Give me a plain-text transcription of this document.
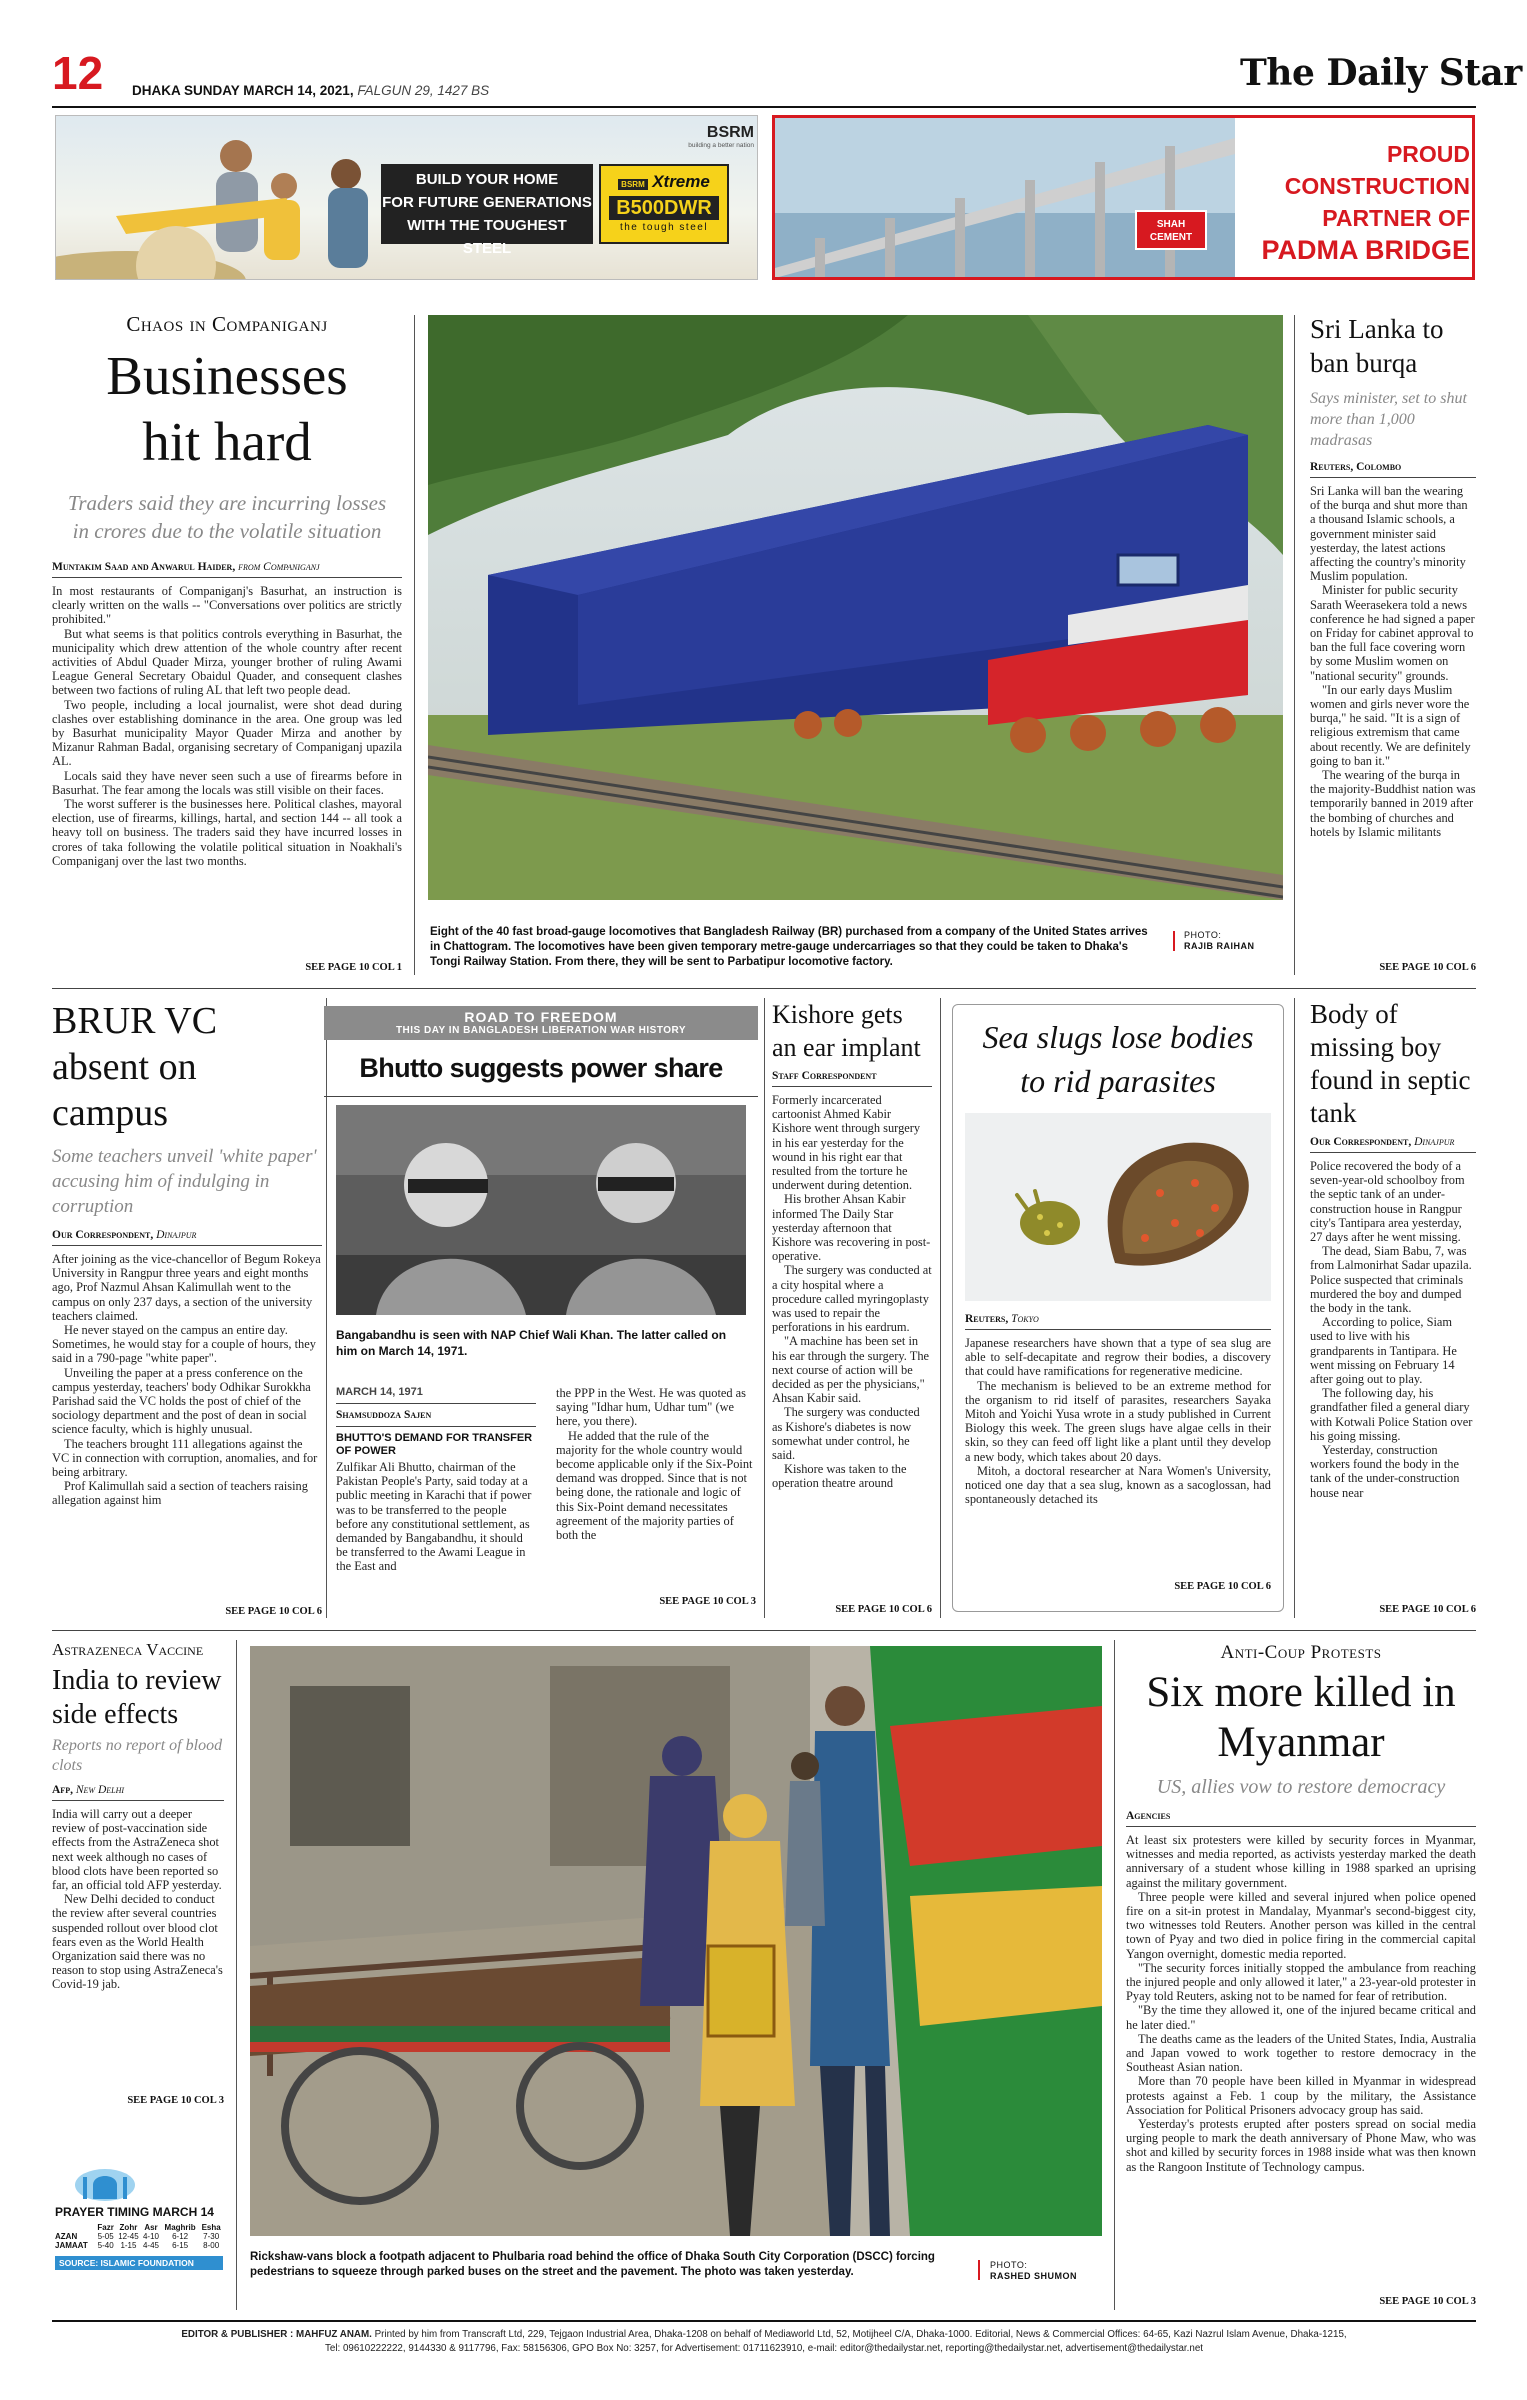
12 DHAKA SUNDAY MARCH 14, 2021, FALGUN 29, 1427 BS	The Daily Star
BSRM
building a better nation
BUILD YOUR HOME
FOR FUTURE GENERATIONS
WITH THE TOUGHEST STEEL
BSRM Xtreme
B500DWR
the tough steel	SHAH CEMENT
PROUD
CONSTRUCTION
PARTNER OF
PADMA BRIDGE
Chaos in Companiganj
Businesses hit hard
Traders said they are incurring losses in crores due to the volatile situation
Muntakim Saad and Anwarul Haider, from Companiganj

In most restaurants of Companiganj's Basurhat, an instruction is clearly written on the walls -- "Conversations over politics are strictly prohibited."

But what seems is that politics controls everything in Basurhat, the municipality which drew attention of the whole country after recent activities of Abdul Quader Mirza, younger brother of ruling Awami League General Secretary Obaidul Quader, and consequent clashes between two factions of ruling AL that left two people dead.

Two people, including a local journalist, were shot dead during clashes over establishing dominance in the area. One group was led by Basurhat municipality Mayor Quader Mirza and another by Mizanur Rahman Badal, organising secretary of Companiganj upazila AL.

Locals said they have never seen such a use of firearms before in Basurhat. The fear among the locals was still visible on their faces.

The worst sufferer is the businesses here. Political clashes, mayoral election, use of firearms, killings, hartal, and section 144 -- all took a heavy toll on business. The traders said they have incurred losses in crores of taka following the volatile political situation in Noakhali's Companiganj over the last two months.

SEE PAGE 10 COL 1
Eight of the 40 fast broad-gauge locomotives that Bangladesh Railway (BR) purchased from a company of the United States arrives in Chattogram. The locomotives have been given temporary metre-gauge undercarriages so that they could be taken to Dhaka's Tongi Railway Station. From there, they will be sent to Parbatipur locomotive factory.
PHOTO:
RAJIB RAIHAN
Sri Lanka to ban burqa
Says minister, set to shut more than 1,000 madrasas
Reuters, Colombo

Sri Lanka will ban the wearing of the burqa and shut more than a thousand Islamic schools, a government minister said yesterday, the latest actions affecting the country's minority Muslim population.

Minister for public security Sarath Weerasekera told a news conference he had signed a paper on Friday for cabinet approval to ban the full face covering worn by some Muslim women on "national security" grounds.

"In our early days Muslim women and girls never wore the burqa," he said. "It is a sign of religious extremism that came about recently. We are definitely going to ban it."

The wearing of the burqa in the majority-Buddhist nation was temporarily banned in 2019 after the bombing of churches and hotels by Islamic militants

SEE PAGE 10 COL 6
BRUR VC absent on campus
Some teachers unveil 'white paper' accusing him of indulging in corruption
Our Correspondent, Dinajpur

After joining as the vice-chancellor of Begum Rokeya University in Rangpur three years and eight months ago, Prof Nazmul Ahsan Kalimullah went to the campus on only 237 days, a section of the university teachers claimed.

He never stayed on the campus an entire day. Sometimes, he would stay for a couple of hours, they said in a 790-page "white paper".

Unveiling the paper at a press conference on the campus yesterday, teachers' body Odhikar Surokkha Parishad said the VC holds the post of chief of the sociology department and the post of dean in social science faculty, which is highly unusual.

The teachers brought 111 allegations against the VC in connection with corruption, anomalies, and for being arbitrary.

Prof Kalimullah said a section of teachers raising allegation against him

SEE PAGE 10 COL 6
ROAD TO FREEDOM
THIS DAY IN BANGLADESH LIBERATION WAR HISTORY
Bhutto suggests power share
Bangabandhu is seen with NAP Chief Wali Khan. The latter called on him on March 14, 1971.
MARCH 14, 1971
Shamsuddoza Sajen
BHUTTO'S DEMAND FOR TRANSFER OF POWER
Zulfikar Ali Bhutto, chairman of the Pakistan People's Party, said today at a public meeting in Karachi that if power was to be transferred to the people before any constitutional settlement, as demanded by Bangabandhu, it should be transferred to the Awami League in the East and

the PPP in the West. He was quoted as saying "Idhar hum, Udhar tum" (we here, you there).

He added that the rule of the majority for the whole country would become applicable only if the Six-Point demand was dropped. Since that is not being done, the rationale and logic of this Six-Point demand necessitates agreement of the majority parties of both the

SEE PAGE 10 COL 3
Kishore gets an ear implant
Staff Correspondent

Formerly incarcerated cartoonist Ahmed Kabir Kishore went through surgery in his ear yesterday for the wound in his right ear that resulted from the torture he underwent during detention.

His brother Ahsan Kabir informed The Daily Star yesterday afternoon that Kishore was recovering in post-operative.

The surgery was conducted at a city hospital where a procedure called myringoplasty was used to repair the perforations in his eardrum.

"A machine has been set in his ear through the surgery. The next course of action will be decided as per the physicians," Ahsan Kabir said.

The surgery was conducted as Kishore's diabetes is now somewhat under control, he said.

Kishore was taken to the operation theatre around

SEE PAGE 10 COL 6
Sea slugs lose bodies to rid parasites
Reuters, Tokyo

Japanese researchers have shown that a type of sea slug are able to self-decapitate and regrow their bodies, a discovery that could have ramifications for regenerative medicine.

The mechanism is believed to be an extreme method for the organism to rid itself of parasites, researchers Sayaka Mitoh and Yoichi Yusa wrote in a study published in Current Biology this week. The green slugs have algae cells in their skin, so they can feed off light like a plant until they develop a new body, which takes about 20 days.

Mitoh, a doctoral researcher at Nara Women's University, noticed one day that a sea slug, known as a sacoglossan, had spontaneously detached its

SEE PAGE 10 COL 6
Body of missing boy found in septic tank
Our Correspondent, Dinajpur

Police recovered the body of a seven-year-old schoolboy from the septic tank of an under-construction house in Rangpur city's Tantipara area yesterday, 27 days after he went missing.

The dead, Siam Babu, 7, was from Lalmonirhat Sadar upazila. Police suspected that criminals murdered the boy and dumped the body in the tank.

According to police, Siam used to live with his grandparents in Tantipara. He went missing on February 14 after going out to play.

The following day, his grandfather filed a general diary with Kotwali Police Station over his going missing.

Yesterday, construction workers found the body in the tank of the under-construction house near

SEE PAGE 10 COL 6
Astrazeneca Vaccine
India to review side effects
Reports no report of blood clots
Afp, New Delhi

India will carry out a deeper review of post-vaccination side effects from the AstraZeneca shot next week although no cases of blood clots have been reported so far, an official told AFP yesterday.

New Delhi decided to conduct the review after several countries suspended rollout over blood clot fears even as the World Health Organization said there was no reason to stop using AstraZeneca's Covid-19 jab.

SEE PAGE 10 COL 3
PRAYER TIMING MARCH 14
	Fazr	Zohr	Asr	Maghrib	Esha
AZAN	5-05	12-45	4-10	6-12	7-30
JAMAAT	5-40	1-15	4-45	6-15	8-00
SOURCE: ISLAMIC FOUNDATION	Rickshaw-vans block a footpath adjacent to Phulbaria road behind the office of Dhaka South City Corporation (DSCC) forcing pedestrians to squeeze through parked buses on the street and the pavement. The photo was taken yesterday.
PHOTO:
RASHED SHUMON
Anti-Coup Protests
Six more killed in Myanmar
US, allies vow to restore democracy
Agencies

At least six protesters were killed by security forces in Myanmar, witnesses and media reported, as activists yesterday marked the death anniversary of a student whose killing in 1988 sparked an uprising against the military government.

Three people were killed and several injured when police opened fire on a sit-in protest in Mandalay, Myanmar's second-biggest city, two witnesses told Reuters. Another person was killed in the central town of Pyay and two died in police firing in the commercial capital Yangon overnight, domestic media reported.

"The security forces initially stopped the ambulance from reaching the injured people and only allowed it later," a 23-year-old protester in Pyay told Reuters, asking not to be named for fear of retribution.

"By the time they allowed it, one of the injured became critical and he later died."

The deaths came as the leaders of the United States, India, Australia and Japan vowed to work together to restore democracy in the Southeast Asian nation.

More than 70 people have been killed in Myanmar in widespread protests against a Feb. 1 coup by the military, the Assistance Association for Political Prisoners advocacy group has said.

Yesterday's protests erupted after posters spread on social media urging people to mark the death anniversary of Phone Maw, who was shot and killed by security forces in 1988 inside what was then known as the Rangoon Institute of Technology campus.

SEE PAGE 10 COL 3
EDITOR & PUBLISHER : MAHFUZ ANAM. Printed by him from Transcraft Ltd, 229, Tejgaon Industrial Area, Dhaka-1208 on behalf of Mediaworld Ltd, 52, Motijheel C/A, Dhaka-1000. Editorial, News & Commercial Offices: 64-65, Kazi Nazrul Islam Avenue, Dhaka-1215,
Tel: 09610222222, 9144330 & 9117796, Fax: 58156306, GPO Box No: 3257, for Advertisement: 01711623910, e-mail: editor@thedailystar.net, reporting@thedailystar.net, advertisement@thedailystar.net
